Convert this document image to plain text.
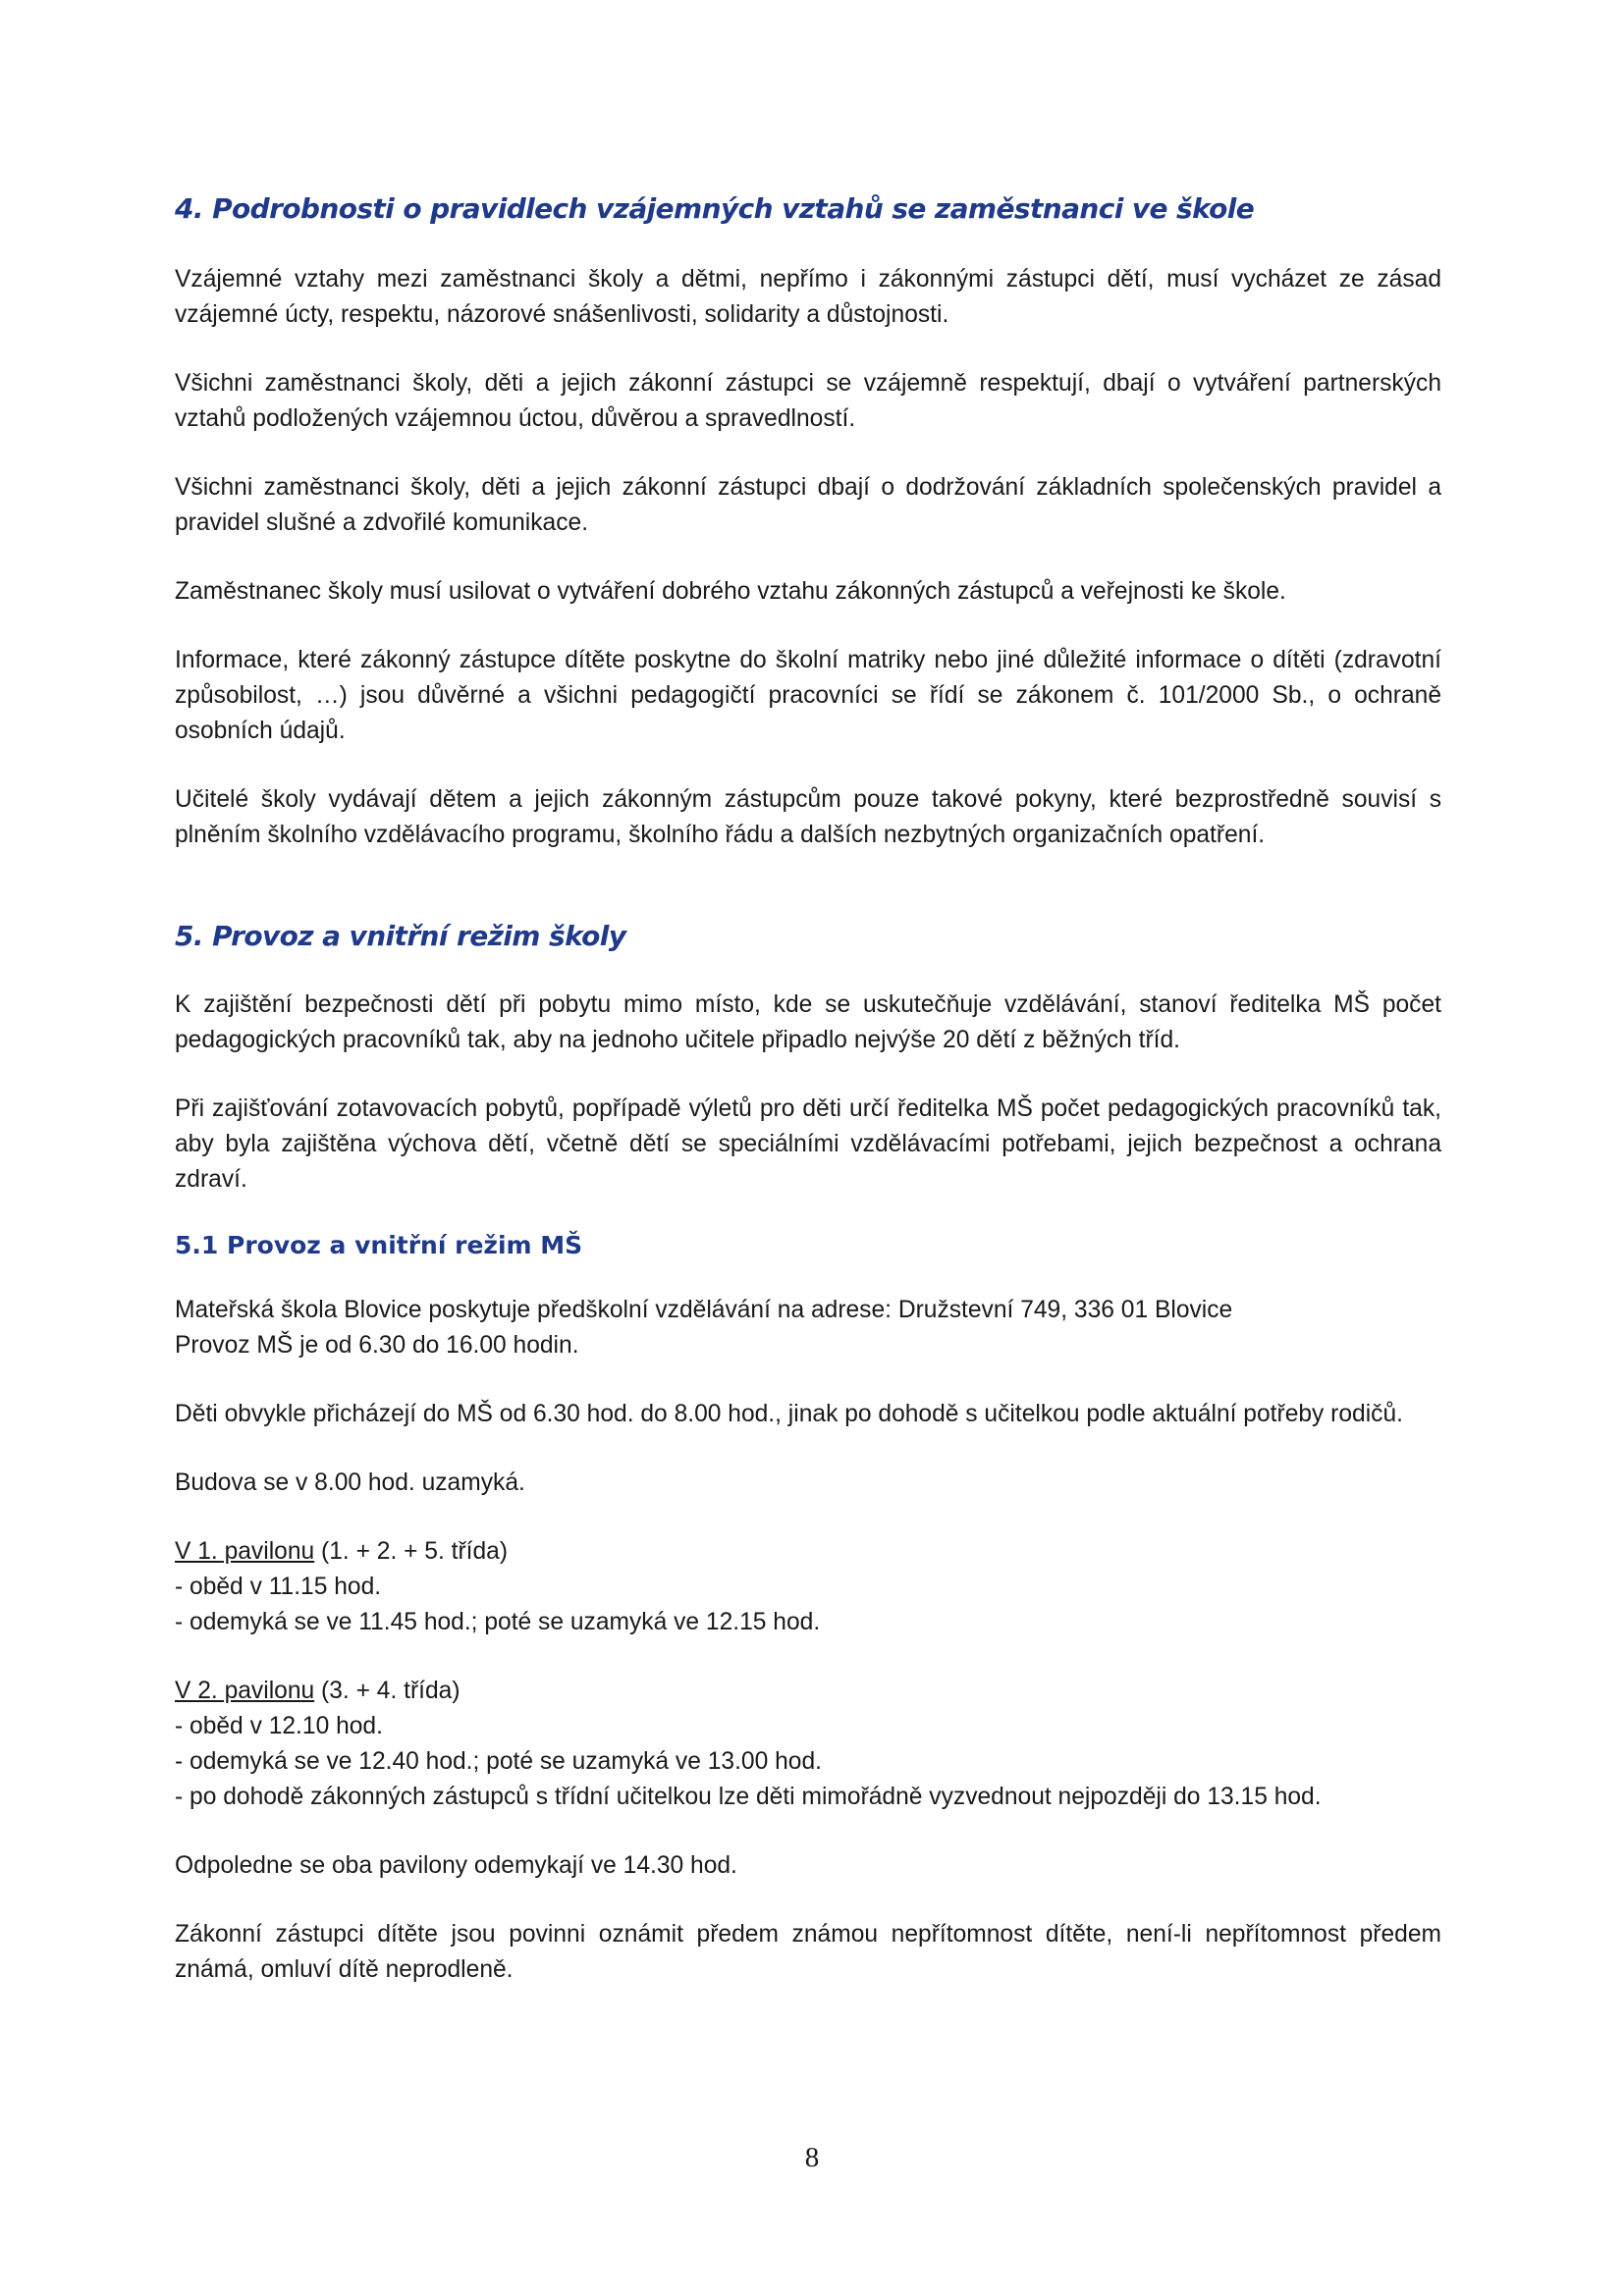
4. Podrobnosti o pravidlech vzájemných vztahů se zaměstnanci ve škole

Vzájemné vztahy mezi zaměstnanci školy a dětmi, nepřímo i zákonnými zástupci dětí, musí vycházet ze zásad vzájemné úcty, respektu, názorové snášenlivosti, solidarity a důstojnosti.

Všichni zaměstnanci školy, děti a jejich zákonní zástupci se vzájemně respektují, dbají o vytváření partnerských vztahů podložených vzájemnou úctou, důvěrou a spravedlností.

Všichni zaměstnanci školy, děti a jejich zákonní zástupci dbají o dodržování základních společenských pravidel a pravidel slušné a zdvořilé komunikace.

Zaměstnanec školy musí usilovat o vytváření dobrého vztahu zákonných zástupců a veřejnosti ke škole.

Informace, které zákonný zástupce dítěte poskytne do školní matriky nebo jiné důležité informace o dítěti (zdravotní způsobilost, …) jsou důvěrné a všichni pedagogičtí pracovníci se řídí se zákonem č. 101/2000 Sb., o ochraně osobních údajů.

Učitelé školy vydávají dětem a jejich zákonným zástupcům pouze takové pokyny, které bezprostředně souvisí s plněním školního vzdělávacího programu, školního řádu a dalších nezbytných organizačních opatření.

5. Provoz a vnitřní režim školy

K zajištění bezpečnosti dětí při pobytu mimo místo, kde se uskutečňuje vzdělávání, stanoví ředitelka MŠ počet pedagogických pracovníků tak, aby na jednoho učitele připadlo nejvýše 20 dětí z běžných tříd.

Při zajišťování zotavovacích pobytů, popřípadě výletů pro děti určí ředitelka MŠ počet pedagogických pracovníků tak, aby byla zajištěna výchova dětí, včetně dětí se speciálními vzdělávacími potřebami, jejich bezpečnost a ochrana zdraví.

5.1 Provoz a vnitřní režim MŠ

Mateřská škola Blovice poskytuje předškolní vzdělávání na adrese: Družstevní 749, 336 01 Blovice
Provoz MŠ je od 6.30 do 16.00 hodin.

Děti obvykle přicházejí do MŠ od 6.30 hod. do 8.00 hod., jinak po dohodě s učitelkou podle aktuální potřeby rodičů.

Budova se v 8.00 hod. uzamyká.

V 1. pavilonu (1. + 2. + 5. třída)
- oběd v 11.15 hod.
- odemyká se ve 11.45 hod.; poté se uzamyká ve 12.15 hod.

V 2. pavilonu (3. + 4. třída)
- oběd v 12.10 hod.
- odemyká se ve 12.40 hod.; poté se uzamyká ve 13.00 hod.
- po dohodě zákonných zástupců s třídní učitelkou lze děti mimořádně vyzvednout nejpozději do 13.15 hod.

Odpoledne se oba pavilony odemykají ve 14.30 hod.

Zákonní zástupci dítěte jsou povinni oznámit předem známou nepřítomnost dítěte, není-li nepřítomnost předem známá, omluví dítě neprodleně.

8
